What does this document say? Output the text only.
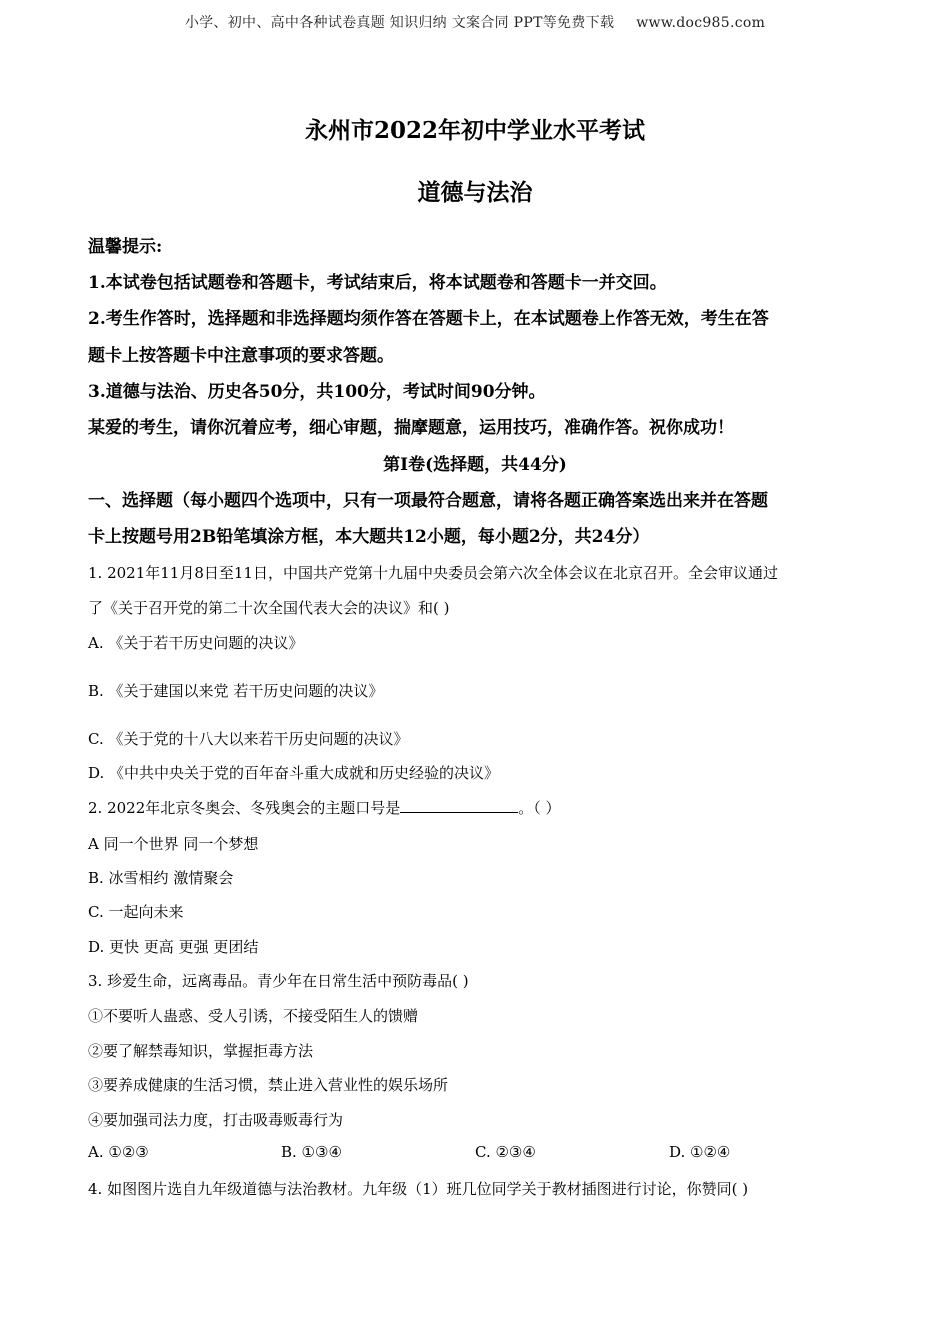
小学、初中、高中各种试卷真题 知识归纳 文案合同 PPT等免费下载 www.doc985.com
永州市2022年初中学业水平考试
道德与法治
温馨提示:
1.本试卷包括试题卷和答题卡，考试结束后，将本试题卷和答题卡一并交回。
2.考生作答时，选择题和非选择题均须作答在答题卡上，在本试题卷上作答无效，考生在答
题卡上按答题卡中注意事项的要求答题。
3.道德与法治、历史各50分，共100分，考试时间90分钟。
某爱的考生，请你沉着应考，细心审题，揣摩题意，运用技巧，准确作答。祝你成功！
第Ⅰ卷(选择题，共44分)
一、选择题（每小题四个选项中，只有一项最符合题意，请将各题正确答案选出来并在答题
卡上按题号用2B铅笔填涂方框，本大题共12小题，每小题2分，共24分）
1. 2021年11月8日至11日，中国共产党第十九届中央委员会第六次全体会议在北京召开。全会审议通过
了《关于召开党的第二十次全国代表大会的决议》和( )
A. 《关于若干历史问题的决议》
B. 《关于建国以来党 若干历史问题的决议》
C. 《关于党的十八大以来若干历史问题的决议》
D. 《中共中央关于党的百年奋斗重大成就和历史经验的决议》
2. 2022年北京冬奥会、冬残奥会的主题口号是	。（ ）
A 同一个世界 同一个梦想
B. 冰雪相约 激情聚会
C. 一起向未来
D. 更快 更高 更强 更团结
3. 珍爱生命，远离毒品。青少年在日常生活中预防毒品( )
①不要听人蛊惑、受人引诱，不接受陌生人的馈赠
②要了解禁毒知识，掌握拒毒方法
③要养成健康的生活习惯，禁止进入营业性的娱乐场所
④要加强司法力度，打击吸毒贩毒行为
A. ①②③	B. ①③④	C. ②③④	D. ①②④
4. 如图图片选自九年级道德与法治教材。九年级（1）班几位同学关于教材插图进行讨论，你赞同( )
